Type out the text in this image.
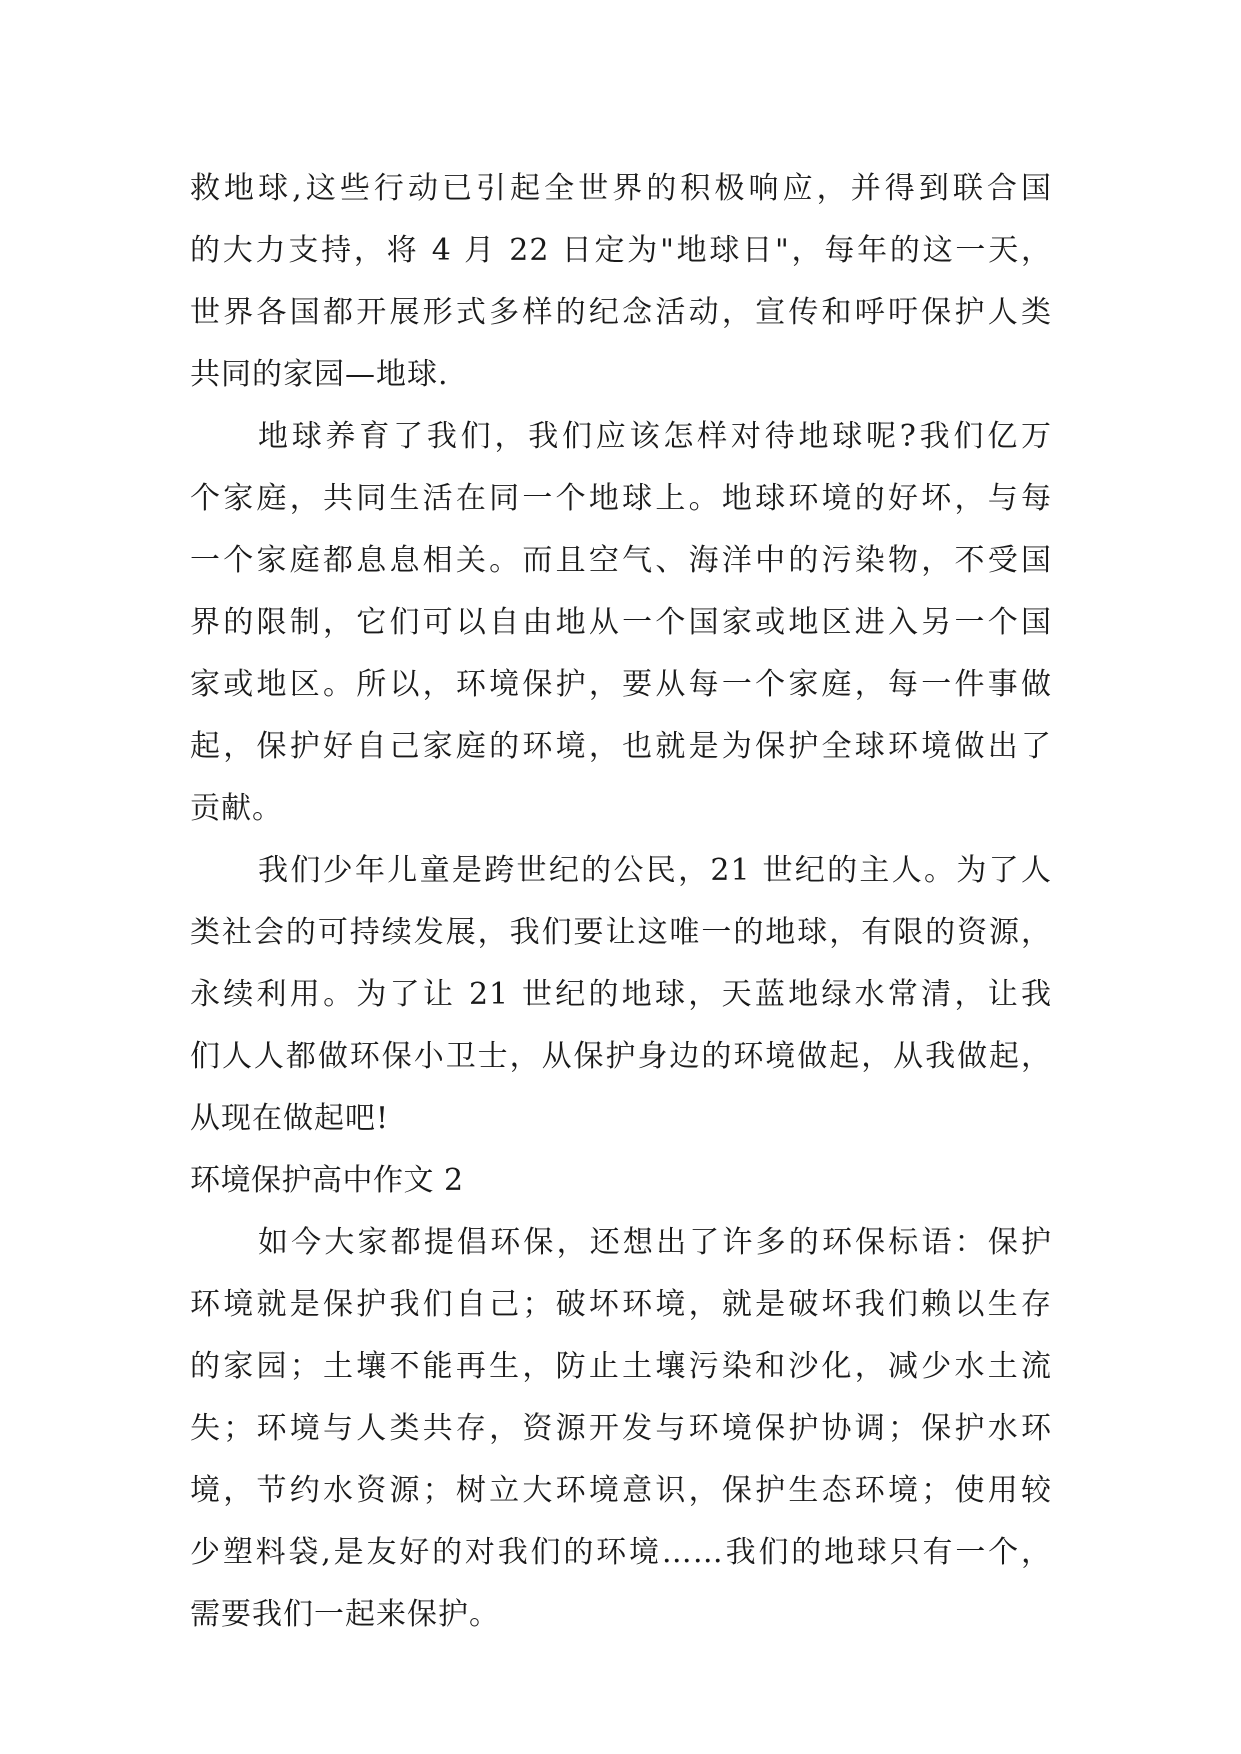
救地球,这些行动已引起全世界的积极响应，并得到联合国
的大力支持，将 4 月 22 日定为"地球日"，每年的这一天，
世界各国都开展形式多样的纪念活动，宣传和呼吁保护人类
共同的家园—地球.
地球养育了我们，我们应该怎样对待地球呢?我们亿万
个家庭，共同生活在同一个地球上。地球环境的好坏，与每
一个家庭都息息相关。而且空气、海洋中的污染物，不受国
界的限制，它们可以自由地从一个国家或地区进入另一个国
家或地区。所以，环境保护，要从每一个家庭，每一件事做
起，保护好自己家庭的环境，也就是为保护全球环境做出了
贡献。
我们少年儿童是跨世纪的公民，21 世纪的主人。为了人
类社会的可持续发展，我们要让这唯一的地球，有限的资源，
永续利用。为了让 21 世纪的地球，天蓝地绿水常清，让我
们人人都做环保小卫士，从保护身边的环境做起，从我做起，
从现在做起吧!
环境保护高中作文 2
如今大家都提倡环保，还想出了许多的环保标语：保护
环境就是保护我们自己；破坏环境，就是破坏我们赖以生存
的家园；土壤不能再生，防止土壤污染和沙化，减少水土流
失；环境与人类共存，资源开发与环境保护协调；保护水环
境，节约水资源；树立大环境意识，保护生态环境；使用较
少塑料袋,是友好的对我们的环境……我们的地球只有一个，
需要我们一起来保护。
